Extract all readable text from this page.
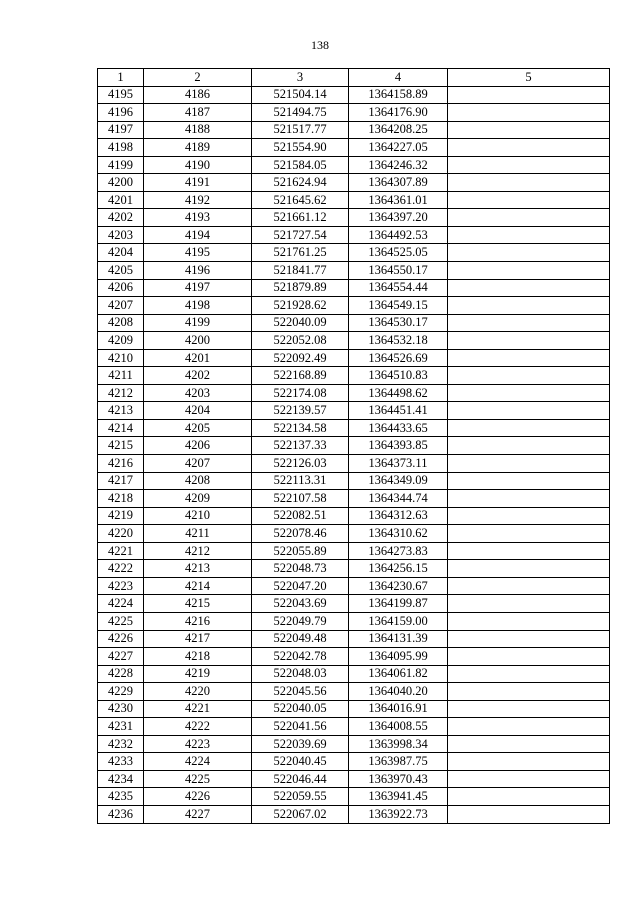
138
1	2	3	4	5
4195	4186	521504.14	1364158.89	
4196	4187	521494.75	1364176.90	
4197	4188	521517.77	1364208.25	
4198	4189	521554.90	1364227.05	
4199	4190	521584.05	1364246.32	
4200	4191	521624.94	1364307.89	
4201	4192	521645.62	1364361.01	
4202	4193	521661.12	1364397.20	
4203	4194	521727.54	1364492.53	
4204	4195	521761.25	1364525.05	
4205	4196	521841.77	1364550.17	
4206	4197	521879.89	1364554.44	
4207	4198	521928.62	1364549.15	
4208	4199	522040.09	1364530.17	
4209	4200	522052.08	1364532.18	
4210	4201	522092.49	1364526.69	
4211	4202	522168.89	1364510.83	
4212	4203	522174.08	1364498.62	
4213	4204	522139.57	1364451.41	
4214	4205	522134.58	1364433.65	
4215	4206	522137.33	1364393.85	
4216	4207	522126.03	1364373.11	
4217	4208	522113.31	1364349.09	
4218	4209	522107.58	1364344.74	
4219	4210	522082.51	1364312.63	
4220	4211	522078.46	1364310.62	
4221	4212	522055.89	1364273.83	
4222	4213	522048.73	1364256.15	
4223	4214	522047.20	1364230.67	
4224	4215	522043.69	1364199.87	
4225	4216	522049.79	1364159.00	
4226	4217	522049.48	1364131.39	
4227	4218	522042.78	1364095.99	
4228	4219	522048.03	1364061.82	
4229	4220	522045.56	1364040.20	
4230	4221	522040.05	1364016.91	
4231	4222	522041.56	1364008.55	
4232	4223	522039.69	1363998.34	
4233	4224	522040.45	1363987.75	
4234	4225	522046.44	1363970.43	
4235	4226	522059.55	1363941.45	
4236	4227	522067.02	1363922.73	
